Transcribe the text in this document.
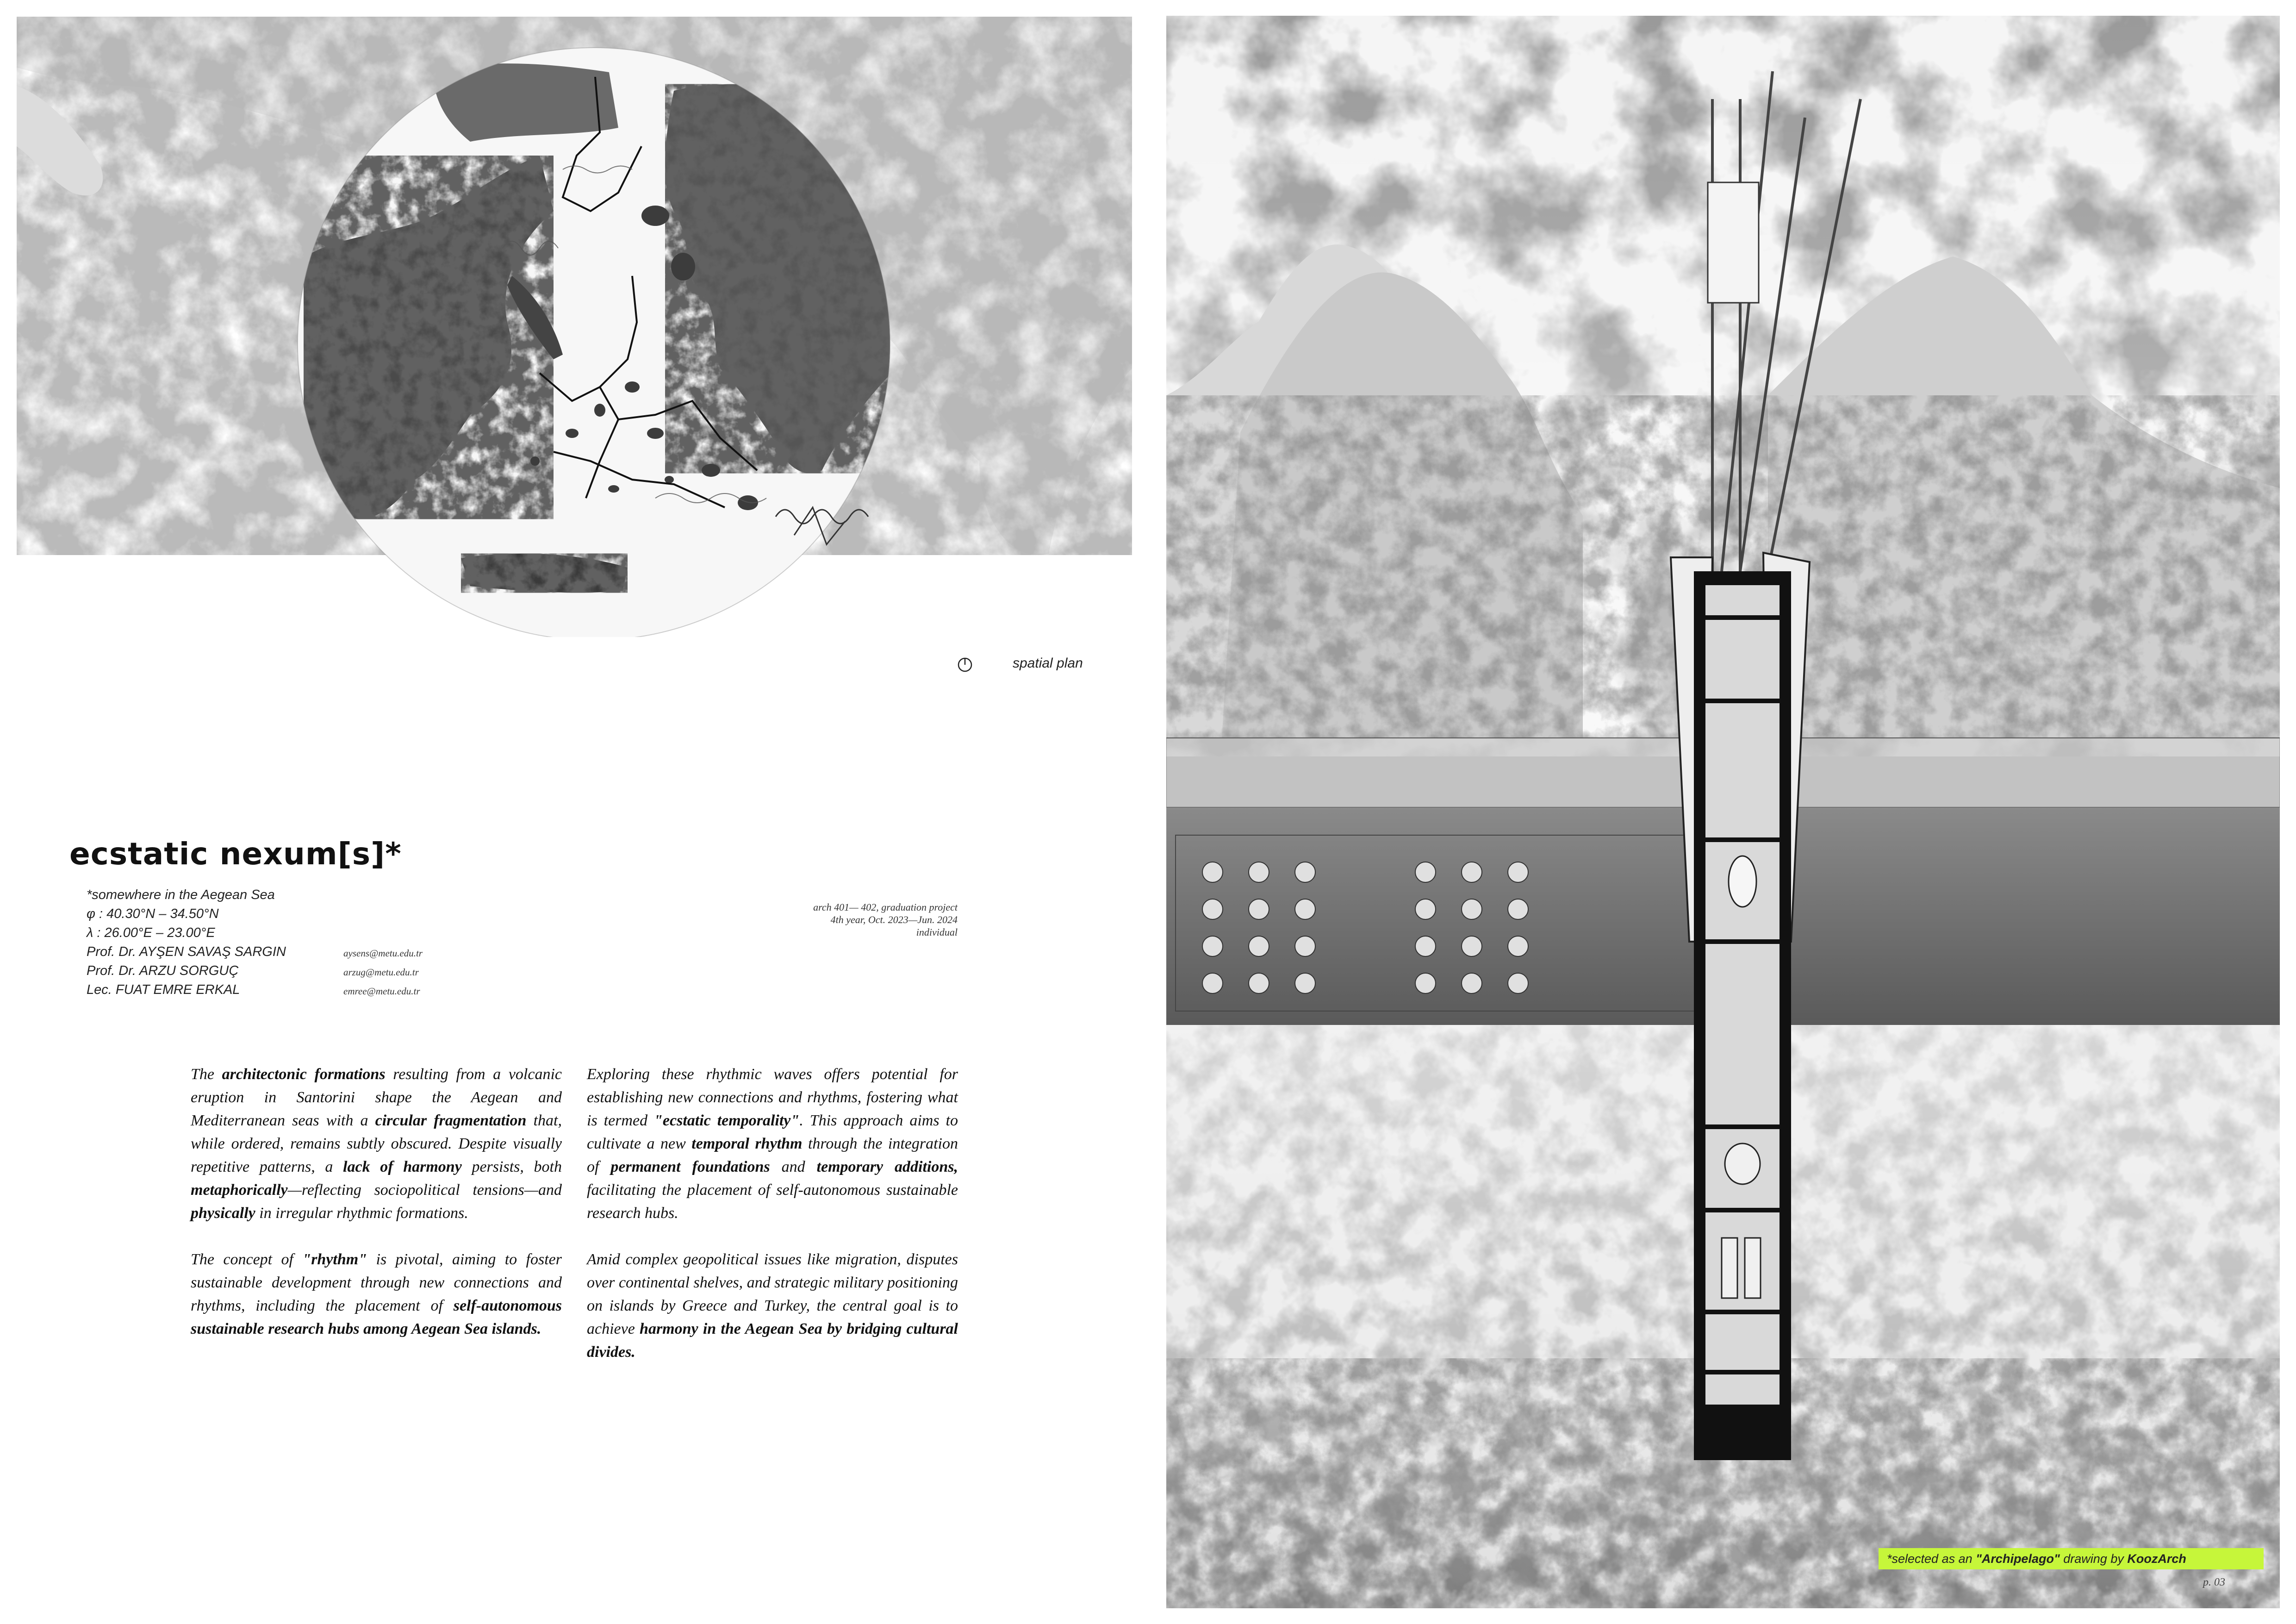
spatial plan
ecstatic nexum[s]*
*somewhere in the Aegean Sea
φ : 40.30°N – 34.50°N
λ : 26.00°E – 23.00°E
Prof. Dr. AYŞEN SAVAŞ SARGIN
Prof. Dr. ARZU SORGUÇ
Lec. FUAT EMRE ERKAL
aysens@metu.edu.tr
arzug@metu.edu.tr
emree@metu.edu.tr
arch 401— 402, graduation project
4th year, Oct. 2023—Jun. 2024
individual

The architectonic formations resulting from a volcanic eruption in Santorini shape the Aegean and Mediterranean seas with a circular fragmentation that, while ordered, remains subtly obscured. Despite visually repetitive patterns, a lack of harmony persists, both metaphorically—reflecting sociopolitical tensions—and physically in irregular rhythmic formations.

The concept of "rhythm" is pivotal, aiming to foster sustainable development through new connections and rhythms, including the placement of self-autonomous sustainable research hubs among Aegean Sea islands.

Exploring these rhythmic waves offers potential for establishing new connections and rhythms, fostering what is termed "ecstatic temporality". This approach aims to cultivate a new temporal rhythm through the integration of permanent foundations and temporary additions, facilitating the placement of self-autonomous sustainable research hubs.

Amid complex geopolitical issues like migration, disputes over continental shelves, and strategic military positioning on islands by Greece and Turkey, the central goal is to achieve harmony in the Aegean Sea by bridging cultural divides.

*selected as an "Archipelago" drawing by KoozArch
p. 03
